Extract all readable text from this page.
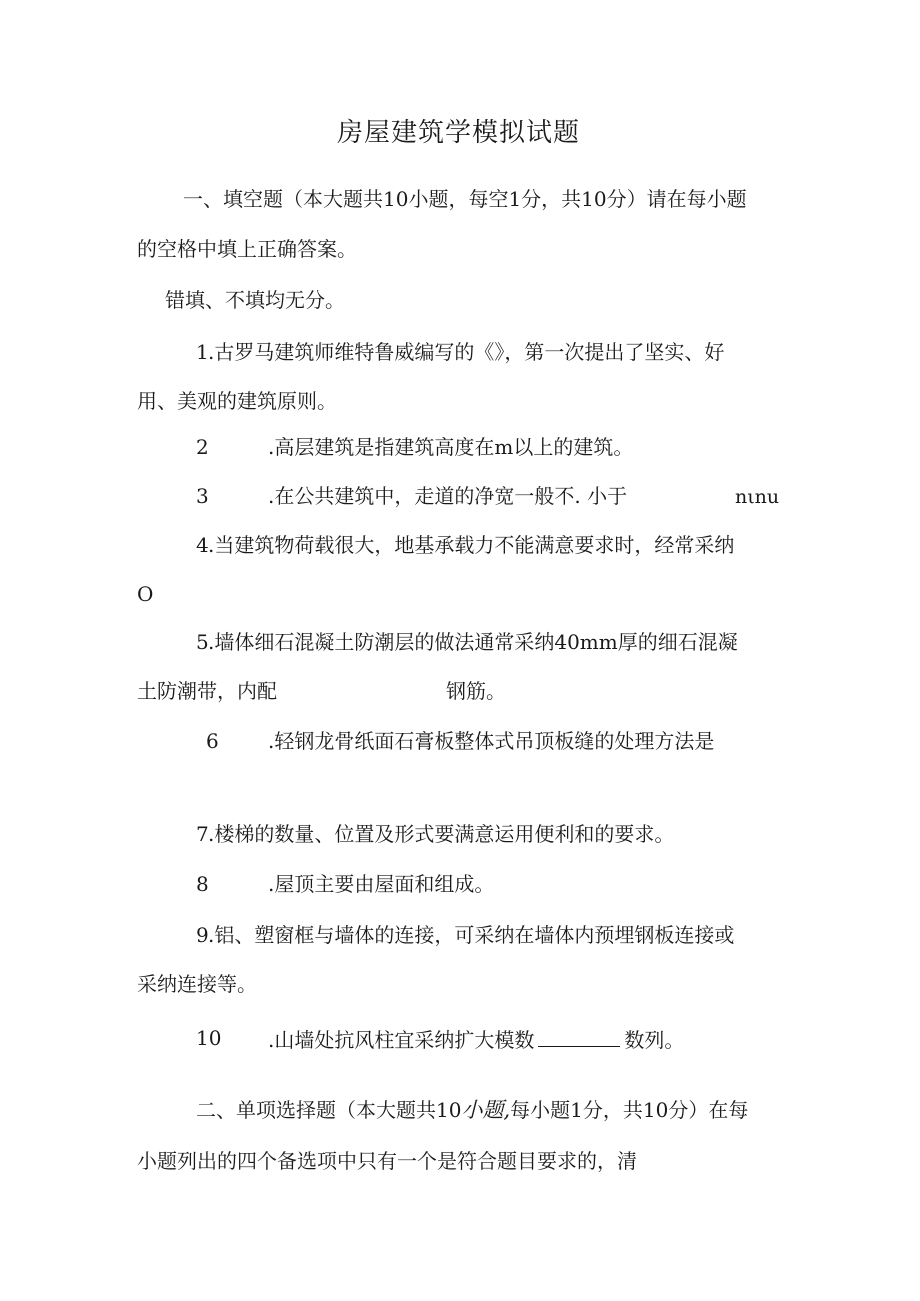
房屋建筑学模拟试题
一、填空题（本大题共10小题，每空1分，共10分）请在每小题
的空格中填上正确答案。
错填、不填均无分。
1 .古罗马建筑师维特鲁威编写的《》，第一次提出了坚实、好
用、美观的建筑原则。
2	.高层建筑是指建筑高度在m以上的建筑。
3	.在公共建筑中，走道的净宽一般不. 小于	nιnu
4 .当建筑物荷载很大，地基承载力不能满意要求时，经常采纳
O
5 .墙体细石混凝土防潮层的做法通常采纳40mm厚的细石混凝
土防潮带，内配	钢筋。
6 .轻钢龙骨纸面石膏板整体式吊顶板缝的处理方法是
7 .楼梯的数量、位置及形式要满意运用便利和的要求。
8	.屋顶主要由屋面和组成。
9 .铝、塑窗框与墙体的连接，可采纳在墙体内预埋钢板连接或
采纳连接等。
10 .山墙处抗风柱宜采纳扩大模数	数列。
二、单项选择题（本大题共10小题,每小题1分，共10分）在每
小题列出的四个备选项中只有一个是符合题目要求的，清
